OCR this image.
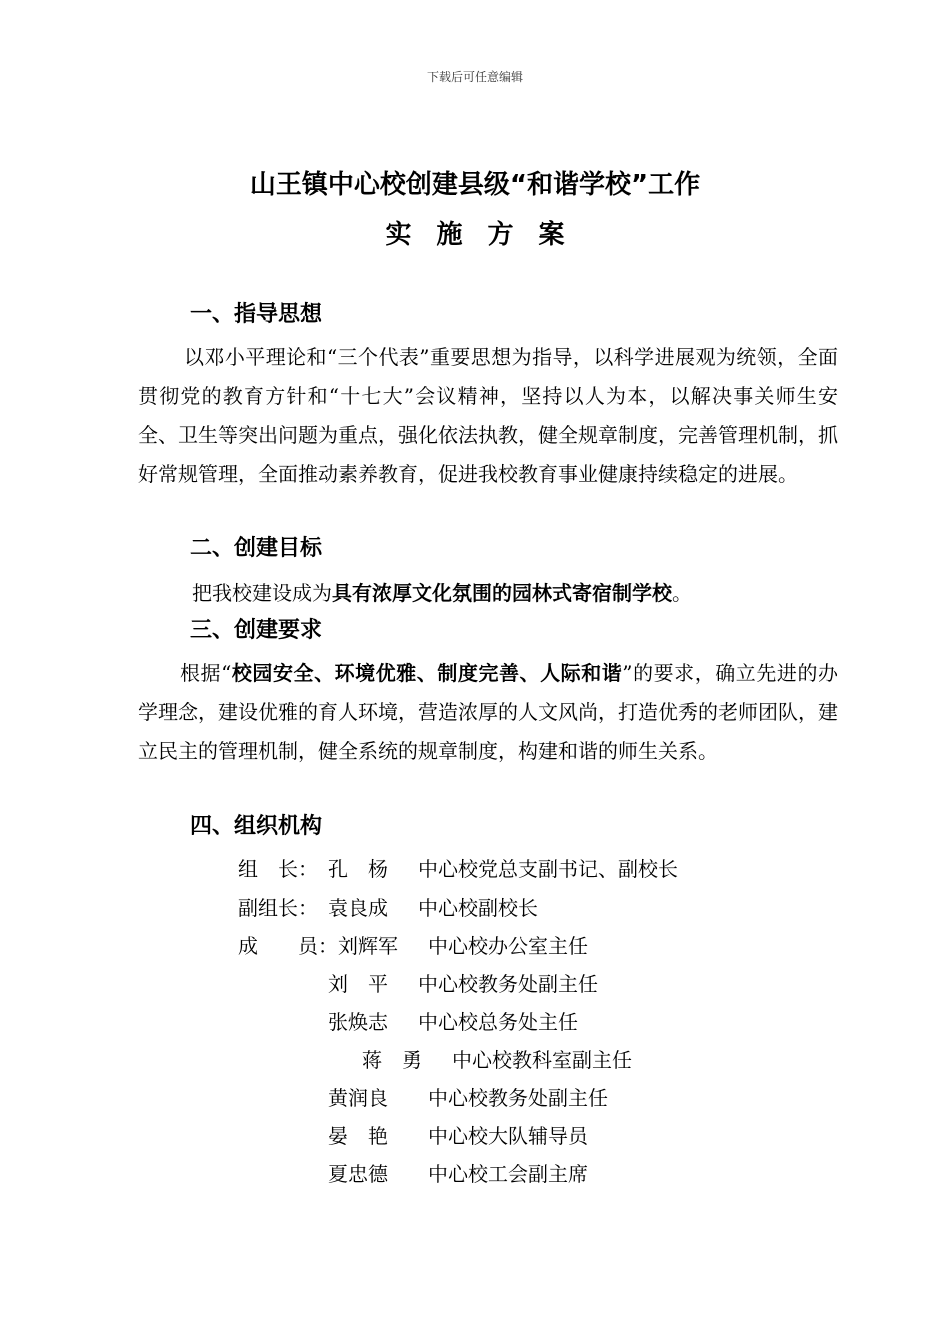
下载后可任意编辑
山王镇中心校创建县级“和谐学校”工作
实施方案
一、指导思想
以邓小平理论和“三个代表”重要思想为指导，以科学进展观为统领，全面贯彻党的教育方针和“十七大”会议精神，坚持以人为本，以解决事关师生安全、卫生等突出问题为重点，强化依法执教，健全规章制度，完善管理机制，抓好常规管理，全面推动素养教育，促进我校教育事业健康持续稳定的进展。
二、创建目标
把我校建设成为具有浓厚文化氛围的园林式寄宿制学校。
三、创建要求
根据“校园安全、环境优雅、制度完善、人际和谐”的要求，确立先进的办学理念，建设优雅的育人环境，营造浓厚的人文风尚，打造优秀的老师团队，建立民主的管理机制，健全系统的规章制度，构建和谐的师生关系。
四、组织机构
组　长： 孔　杨 中心校党总支副书记、副校长
副组长： 袁良成 中心校副校长
成　　员：刘辉军 中心校办公室主任
刘　平 中心校教务处副主任
张焕志 中心校总务处主任
蒋　勇 中心校教科室副主任
黄润良 中心校教务处副主任
晏　艳 中心校大队辅导员
夏忠德 中心校工会副主席
